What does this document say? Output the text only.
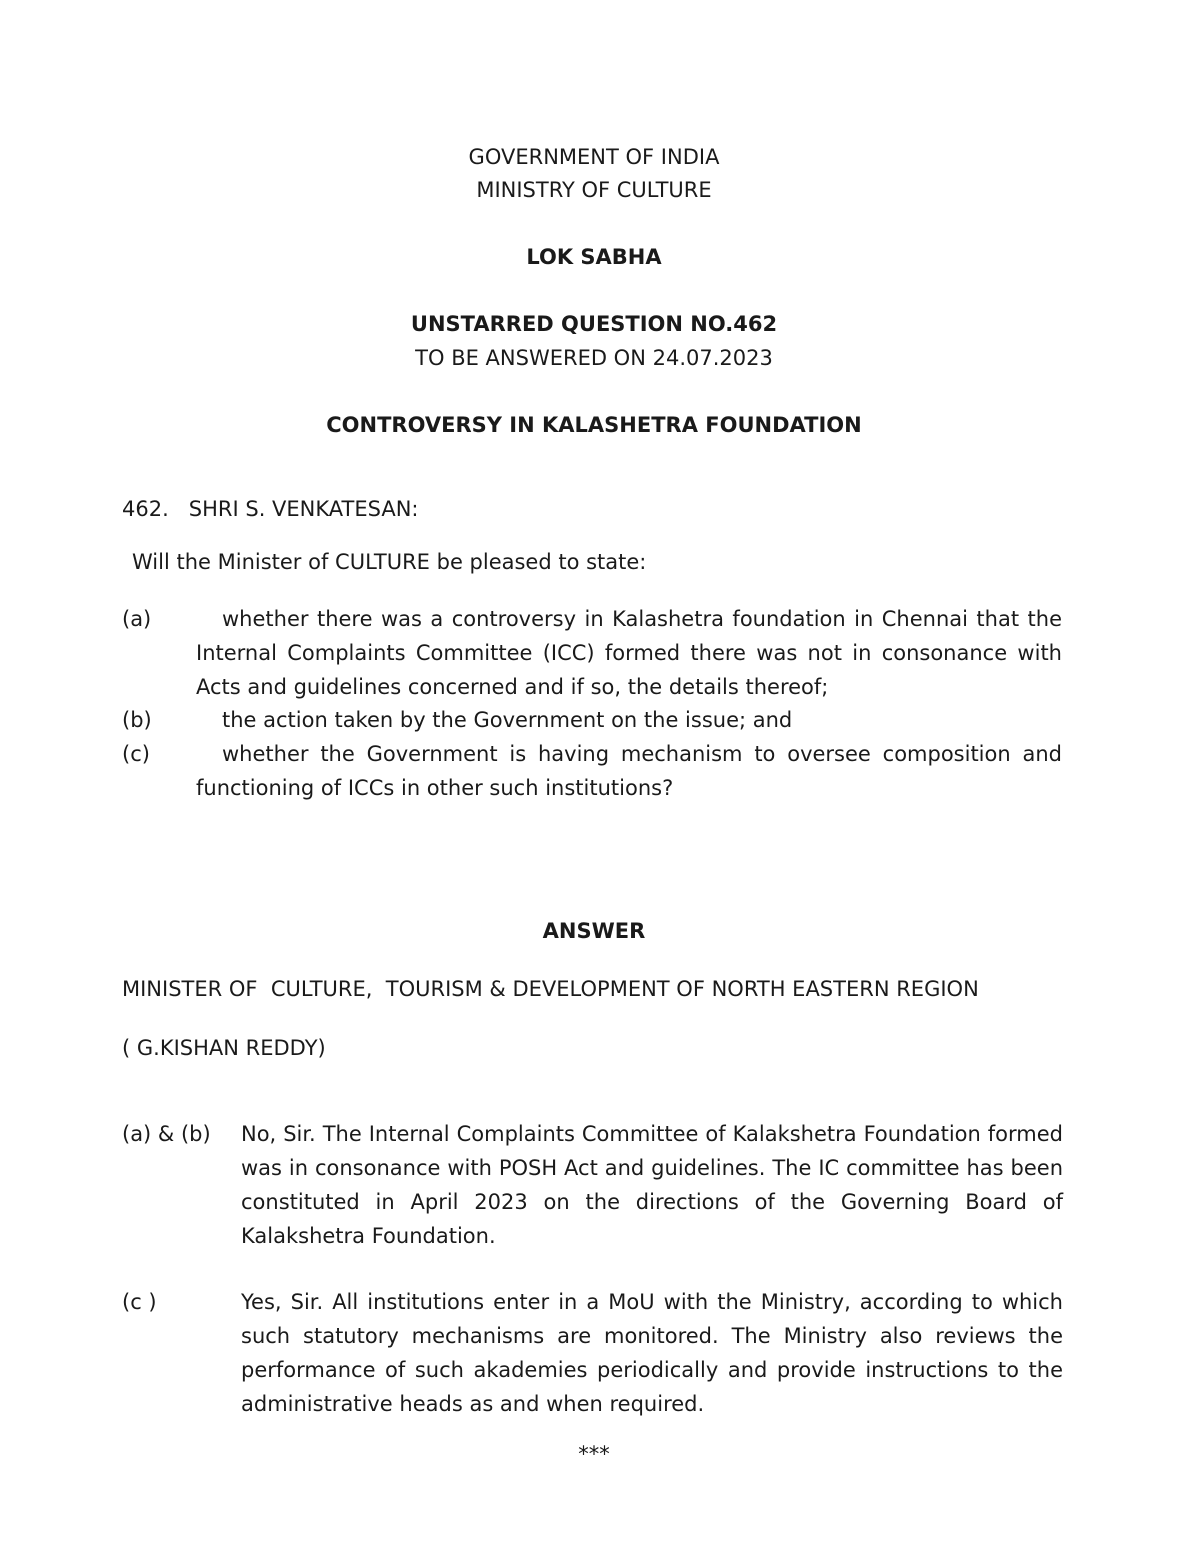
GOVERNMENT OF INDIA
MINISTRY OF CULTURE
LOK SABHA
UNSTARRED QUESTION NO.462
TO BE ANSWERED ON 24.07.2023
CONTROVERSY IN KALASHETRA FOUNDATION
462.   SHRI S. VENKATESAN:
Will the Minister of CULTURE be pleased to state:
(a)	whether there was a controversy in Kalashetra foundation in Chennai that the Internal Complaints Committee (ICC) formed there was not in consonance with Acts and guidelines concerned and if so, the details thereof;
(b)	the action taken by the Government on the issue; and
(c)	whether the Government is having mechanism to oversee composition and functioning of ICCs in other such institutions?
ANSWER
MINISTER OF  CULTURE,  TOURISM & DEVELOPMENT OF NORTH EASTERN REGION
( G.KISHAN REDDY)
(a) & (b) No, Sir. The Internal Complaints Committee of Kalakshetra Foundation formed was in consonance with POSH Act and guidelines. The IC committee has been constituted in April 2023 on the directions of the Governing Board of Kalakshetra Foundation.
(c )	Yes, Sir. All institutions enter in a MoU with the Ministry, according to which such statutory mechanisms are monitored. The Ministry also reviews the performance of such akademies periodically and provide instructions to the administrative heads as and when required.
***
